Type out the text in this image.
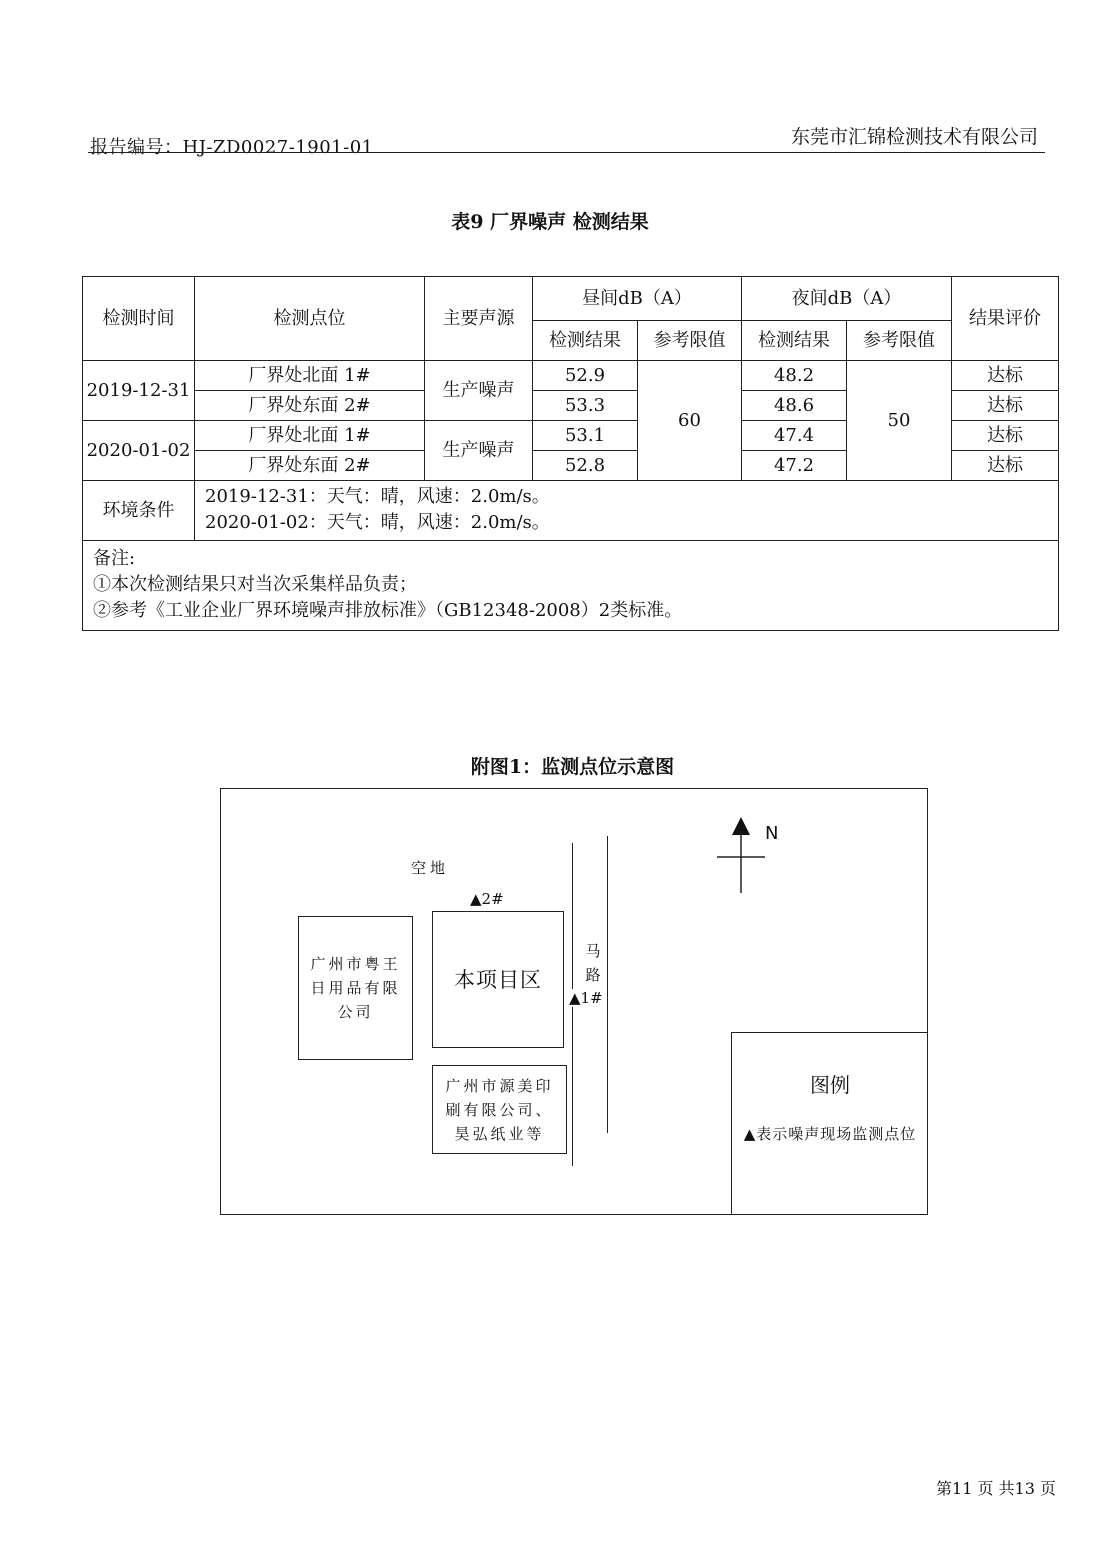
报告编号：HJ-ZD0027-1901-01	东莞市汇锦检测技术有限公司
表9 厂界噪声 检测结果
检测时间	检测点位	主要声源	昼间dB（A）		夜间dB（A）		结果评价
			检测结果	参考限值	检测结果	参考限值	
2019-12-31	厂界处北面 1#	生产噪声	52.9	60	48.2	50	达标
	厂界处东面 2#		53.3		48.6		达标
2020-01-02	厂界处北面 1#	生产噪声	53.1		47.4		达标
	厂界处东面 2#		52.8		47.2		达标
环境条件	2019-12-31：天气：晴，风速：2.0m/s。
2020-01-02：天气：晴，风速：2.0m/s。						

备注:
①本次检测结果只对当次采集样品负责；
②参考《工业企业厂界环境噪声排放标准》（GB12348-2008）2类标准。							
附图1：监测点位示意图
N
空地
▲2#
广州市粤王日用品有限公司
本项目区
广州市源美印刷有限公司、昊弘纸业等
马路
▲1#
图例
▲表示噪声现场监测点位
第11 页 共13 页
